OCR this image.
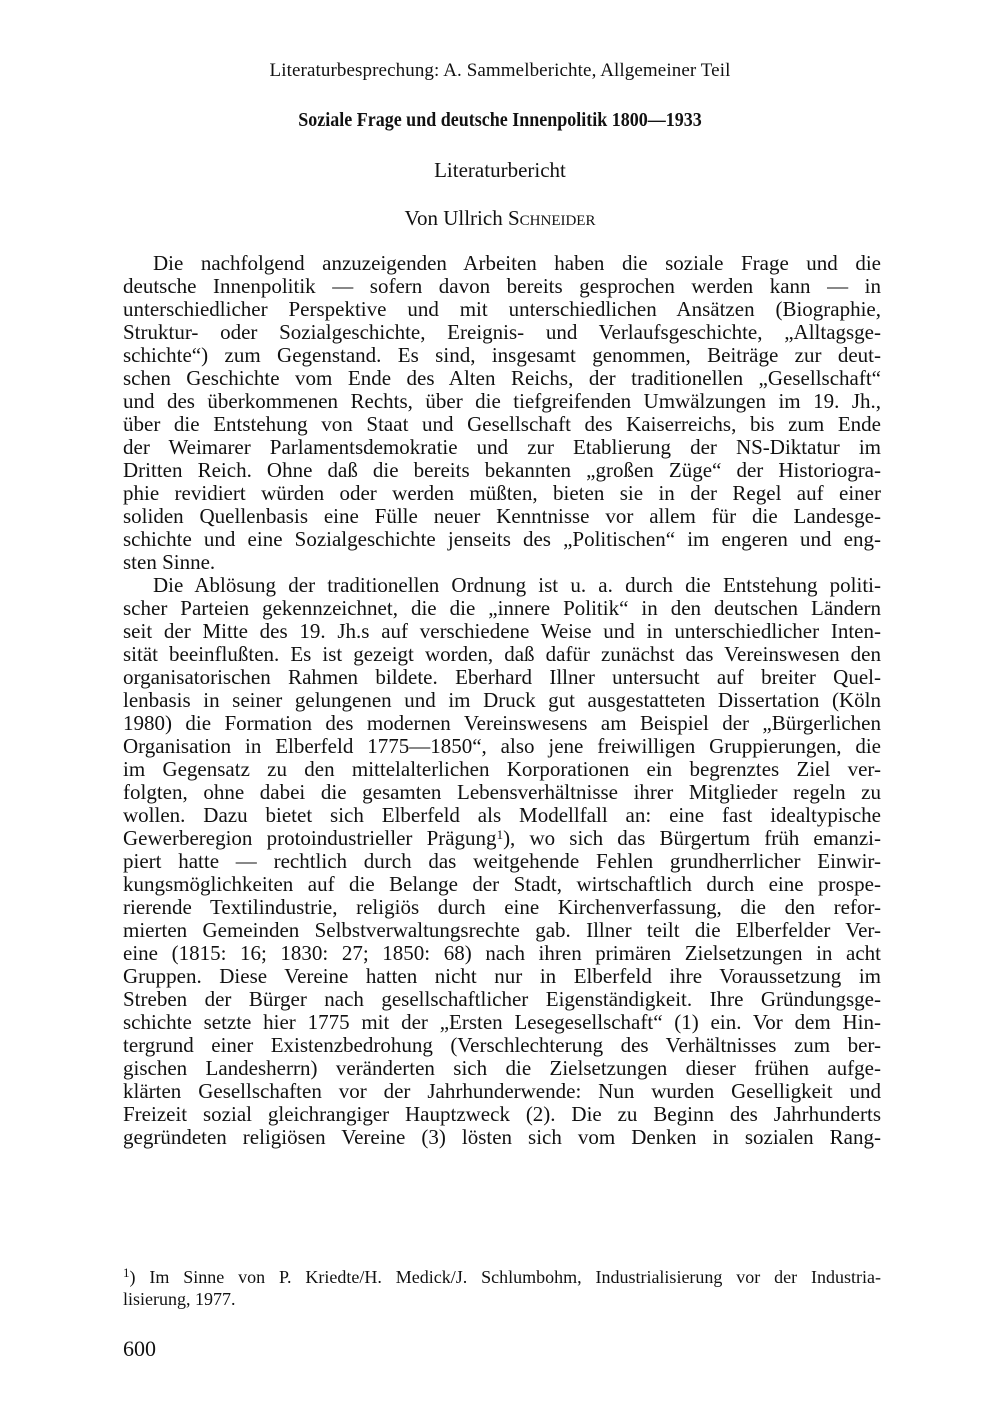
Literaturbesprechung: A. Sammelberichte, Allgemeiner Teil
Soziale Frage und deutsche Innenpolitik 1800—1933
Literaturbericht
Von Ullrich Schneider
Die nachfolgend anzuzeigenden Arbeiten haben die soziale Frage und die
deutsche Innenpolitik — sofern davon bereits gesprochen werden kann — in
unterschiedlicher Perspektive und mit unterschiedlichen Ansätzen (Biographie,
Struktur- oder Sozialgeschichte, Ereignis- und Verlaufsgeschichte, „Alltagsge-
schichte“) zum Gegenstand. Es sind, insgesamt genommen, Beiträge zur deut-
schen Geschichte vom Ende des Alten Reichs, der traditionellen „Gesellschaft“
und des überkommenen Rechts, über die tiefgreifenden Umwälzungen im 19. Jh.,
über die Entstehung von Staat und Gesellschaft des Kaiserreichs, bis zum Ende
der Weimarer Parlamentsdemokratie und zur Etablierung der NS-Diktatur im
Dritten Reich. Ohne daß die bereits bekannten „großen Züge“ der Historiogra-
phie revidiert würden oder werden müßten, bieten sie in der Regel auf einer
soliden Quellenbasis eine Fülle neuer Kenntnisse vor allem für die Landesge-
schichte und eine Sozialgeschichte jenseits des „Politischen“ im engeren und eng-
sten Sinne.
Die Ablösung der traditionellen Ordnung ist u. a. durch die Entstehung politi-
scher Parteien gekennzeichnet, die die „innere Politik“ in den deutschen Ländern
seit der Mitte des 19. Jh.s auf verschiedene Weise und in unterschiedlicher Inten-
sität beeinflußten. Es ist gezeigt worden, daß dafür zunächst das Vereinswesen den
organisatorischen Rahmen bildete. Eberhard Illner untersucht auf breiter Quel-
lenbasis in seiner gelungenen und im Druck gut ausgestatteten Dissertation (Köln
1980) die Formation des modernen Vereinswesens am Beispiel der „Bürgerlichen
Organisation in Elberfeld 1775—1850“, also jene freiwilligen Gruppierungen, die
im Gegensatz zu den mittelalterlichen Korporationen ein begrenztes Ziel ver-
folgten, ohne dabei die gesamten Lebensverhältnisse ihrer Mitglieder regeln zu
wollen. Dazu bietet sich Elberfeld als Modellfall an: eine fast idealtypische
Gewerberegion protoindustrieller Prägung$^1$), wo sich das Bürgertum früh emanzi-
piert hatte — rechtlich durch das weitgehende Fehlen grundherrlicher Einwir-
kungsmöglichkeiten auf die Belange der Stadt, wirtschaftlich durch eine prospe-
rierende Textilindustrie, religiös durch eine Kirchenverfassung, die den refor-
mierten Gemeinden Selbstverwaltungsrechte gab. Illner teilt die Elberfelder Ver-
eine (1815: 16; 1830: 27; 1850: 68) nach ihren primären Zielsetzungen in acht
Gruppen. Diese Vereine hatten nicht nur in Elberfeld ihre Voraussetzung im
Streben der Bürger nach gesellschaftlicher Eigenständigkeit. Ihre Gründungsge-
schichte setzte hier 1775 mit der „Ersten Lesegesellschaft“ (1) ein. Vor dem Hin-
tergrund einer Existenzbedrohung (Verschlechterung des Verhältnisses zum ber-
gischen Landesherrn) veränderten sich die Zielsetzungen dieser frühen aufge-
klärten Gesellschaften vor der Jahrhunderwende: Nun wurden Geselligkeit und
Freizeit sozial gleichrangiger Hauptzweck (2). Die zu Beginn des Jahrhunderts
gegründeten religiösen Vereine (3) lösten sich vom Denken in sozialen Rang-
$^1$) Im Sinne von P. Kriedte/H. Medick/J. Schlumbohm, Industrialisierung vor der Industria-
lisierung, 1977.
600
